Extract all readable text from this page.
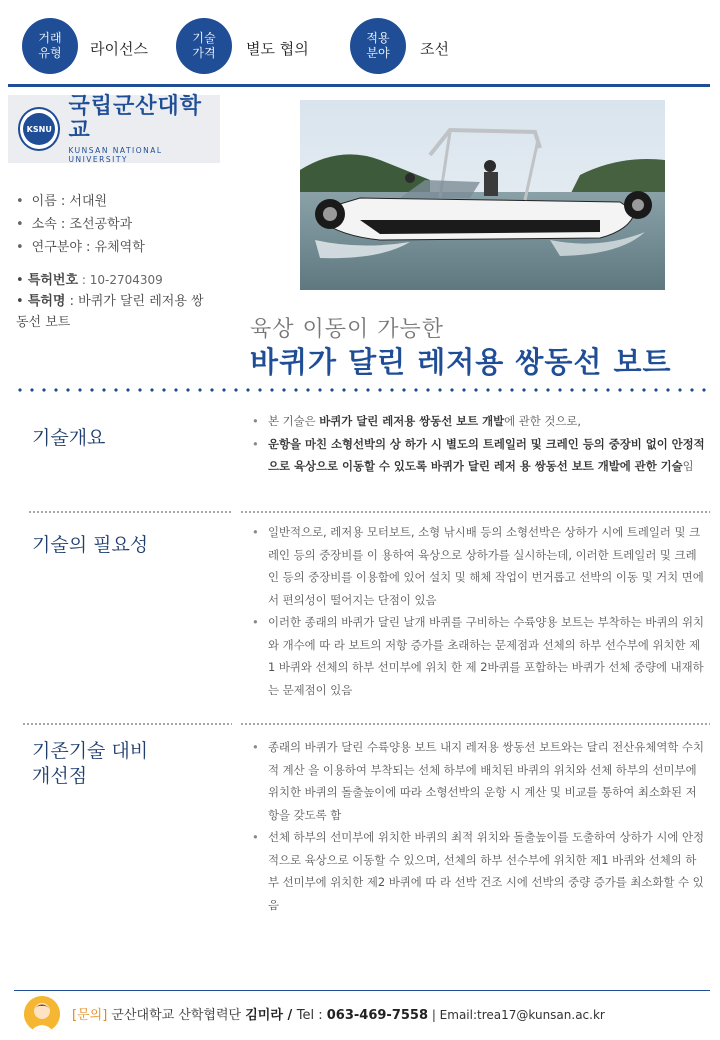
거래
유형 라이선스
기술
가격 별도 협의
적용
분야 조선
KSNU
국립군산대학교
KUNSAN NATIONAL UNIVERSITY
• 이름 : 서대원
• 소속 : 조선공학과
• 연구분야 : 유체역학
• 특허번호 : 10-2704309
• 특허명 : 바퀴가 달린 레저용 쌍동선 보트	육상 이동이 가능한
바퀴가 달린 레저용 쌍동선 보트
기술개요
• 본 기술은 바퀴가 달린 레저용 쌍동선 보트 개발에 관한 것으로,
• 운항을 마친 소형선박의 상 하가 시 별도의 트레일러 및 크레인 등의 중장비 없이 안정적으로 육상으로 이동할 수 있도록 바퀴가 달린 레저 용 쌍동선 보트 개발에 관한 기술임
기술의 필요성
• 일반적으로, 레저용 모터보트, 소형 낚시배 등의 소형선박은 상하가 시에 트레일러 및 크레인 등의 중장비를 이 용하여 육상으로 상하가를 실시하는데, 이러한 트레일러 및 크레인 등의 중장비를 이용함에 있어 설치 및 해체 작업이 번거롭고 선박의 이동 및 거치 면에서 편의성이 떨어지는 단점이 있음
• 이러한 종래의 바퀴가 달린 날개 바퀴를 구비하는 수륙양용 보트는 부착하는 바퀴의 위치와 개수에 따 라 보트의 저항 증가를 초래하는 문제점과 선체의 하부 선수부에 위치한 제1 바퀴와 선체의 하부 선미부에 위치 한 제 2바퀴를 포함하는 바퀴가 선체 중량에 내재하는 문제점이 있음
기존기술 대비
개선점
• 종래의 바퀴가 달린 수륙양용 보트 내지 레저용 쌍동선 보트와는 달리 전산유체역학 수치적 계산 을 이용하여 부착되는 선체 하부에 배치된 바퀴의 위치와 선체 하부의 선미부에 위치한 바퀴의 돌출높이에 따라 소형선박의 운항 시 계산 및 비교를 통하여 최소화된 저항을 갖도록 함
• 선체 하부의 선미부에 위치한 바퀴의 최적 위치와 돌출높이를 도출하여 상하가 시에 안정적으로 육상으로 이동할 수 있으며, 선체의 하부 선수부에 위치한 제1 바퀴와 선체의 하부 선미부에 위치한 제2 바퀴에 따 라 선박 건조 시에 선박의 중량 증가를 최소화할 수 있음
[문의] 군산대학교 산학협력단 김미라 / Tel : 063-469-7558 | Email:trea17@kunsan.ac.kr
